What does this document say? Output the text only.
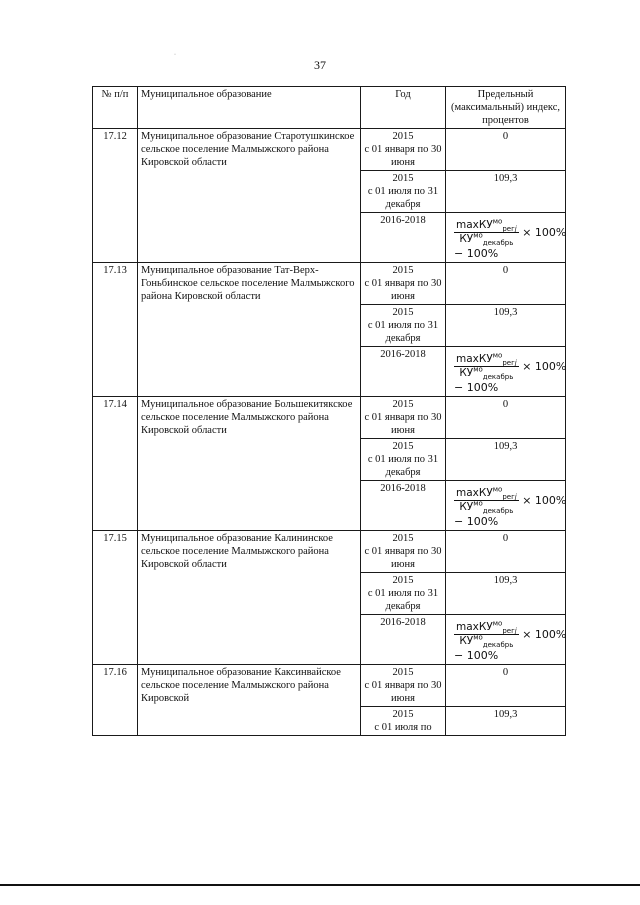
·
37
№ п/п	Муниципальное образование	Год	Предельный (максимальный) индекс, процентов
17.12	Муниципальное образование Старотушкинское сельское поселение Малмыжского района Кировской области	2015
с 01 января по 30 июня	0
		2015
с 01 июля по 31 декабря	109,3
		2016-2018	$\frac{\max КУ^{мо}_{регj}}{КУ^{мо}_{декабрь}} \times 100\%$
− 100%

17.13	Муниципальное образование Тат-Верх-Гоньбинское сельское поселение Малмыжского района Кировской области	2015
с 01 января по 30 июня	0
		2015
с 01 июля по 31 декабря	109,3
		2016-2018	$\frac{\max КУ^{мо}_{регj}}{КУ^{мо}_{декабрь}} \times 100\%$
− 100%

17.14	Муниципальное образование Большекитякское сельское поселение Малмыжского района Кировской области	2015
с 01 января по 30 июня	0
		2015
с 01 июля по 31 декабря	109,3
		2016-2018	$\frac{\max КУ^{мо}_{регj}}{КУ^{мо}_{декабрь}} \times 100\%$
− 100%

17.15	Муниципальное образование Калининское сельское поселение Малмыжского района Кировской области	2015
с 01 января по 30 июня	0
		2015
с 01 июля по 31 декабря	109,3
		2016-2018	$\frac{\max КУ^{мо}_{регj}}{КУ^{мо}_{декабрь}} \times 100\%$
− 100%

17.16	Муниципальное образование Каксинвайское сельское поселение Малмыжского района Кировской	2015
с 01 января по 30 июня	0
		2015
с 01 июля по	109,3
